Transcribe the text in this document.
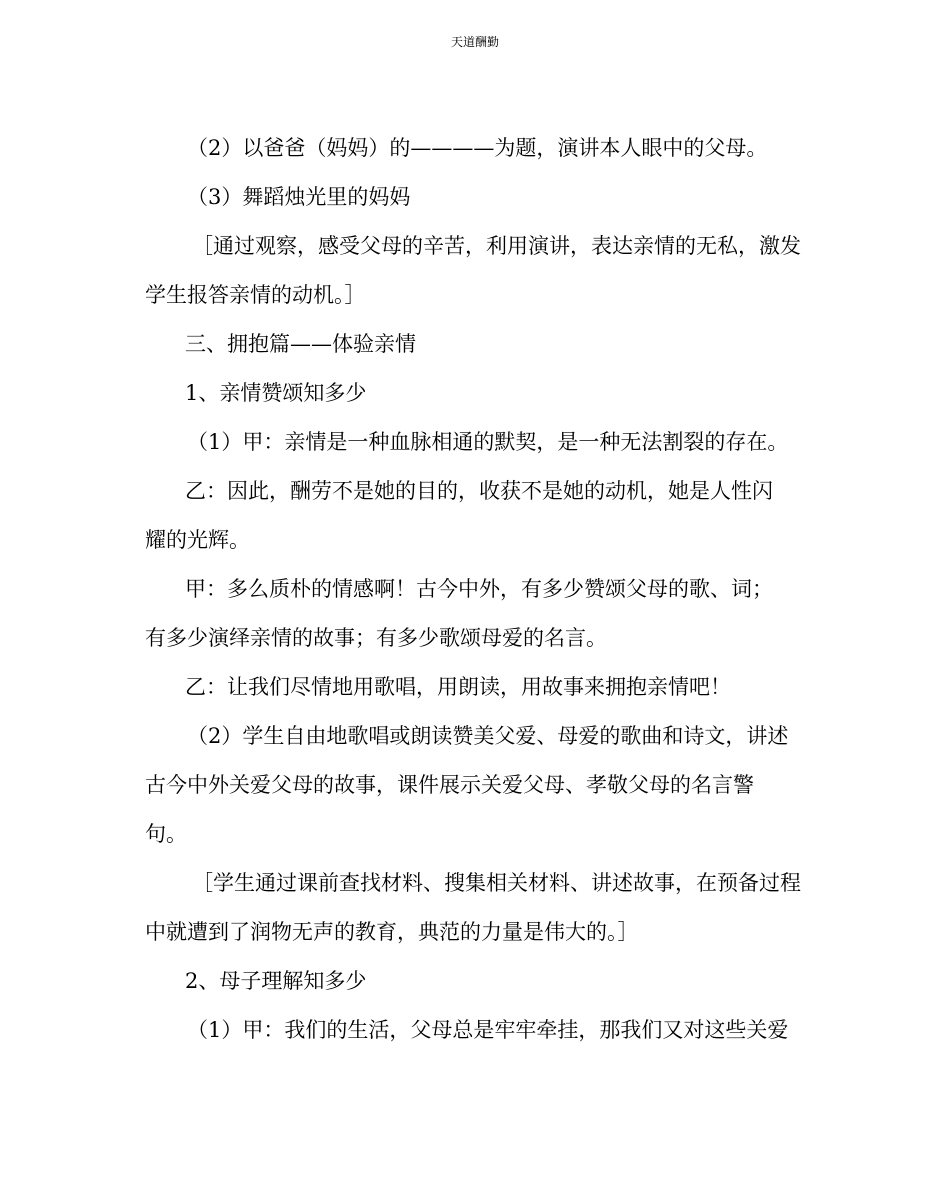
天道酬勤
（2）以爸爸（妈妈）的————为题，演讲本人眼中的父母。
（3）舞蹈烛光里的妈妈
［通过观察，感受父母的辛苦，利用演讲，表达亲情的无私，激发
学生报答亲情的动机。］
三、拥抱篇——体验亲情
1、亲情赞颂知多少
（1）甲：亲情是一种血脉相通的默契，是一种无法割裂的存在。
乙：因此，酬劳不是她的目的，收获不是她的动机，她是人性闪
耀的光辉。
甲：多么质朴的情感啊！古今中外，有多少赞颂父母的歌、词；
有多少演绎亲情的故事；有多少歌颂母爱的名言。
乙：让我们尽情地用歌唱，用朗读，用故事来拥抱亲情吧！
（2）学生自由地歌唱或朗读赞美父爱、母爱的歌曲和诗文，讲述
古今中外关爱父母的故事，课件展示关爱父母、孝敬父母的名言警
句。
［学生通过课前查找材料、搜集相关材料、讲述故事，在预备过程
中就遭到了润物无声的教育，典范的力量是伟大的。］
2、母子理解知多少
（1）甲：我们的生活，父母总是牢牢牵挂，那我们又对这些关爱
